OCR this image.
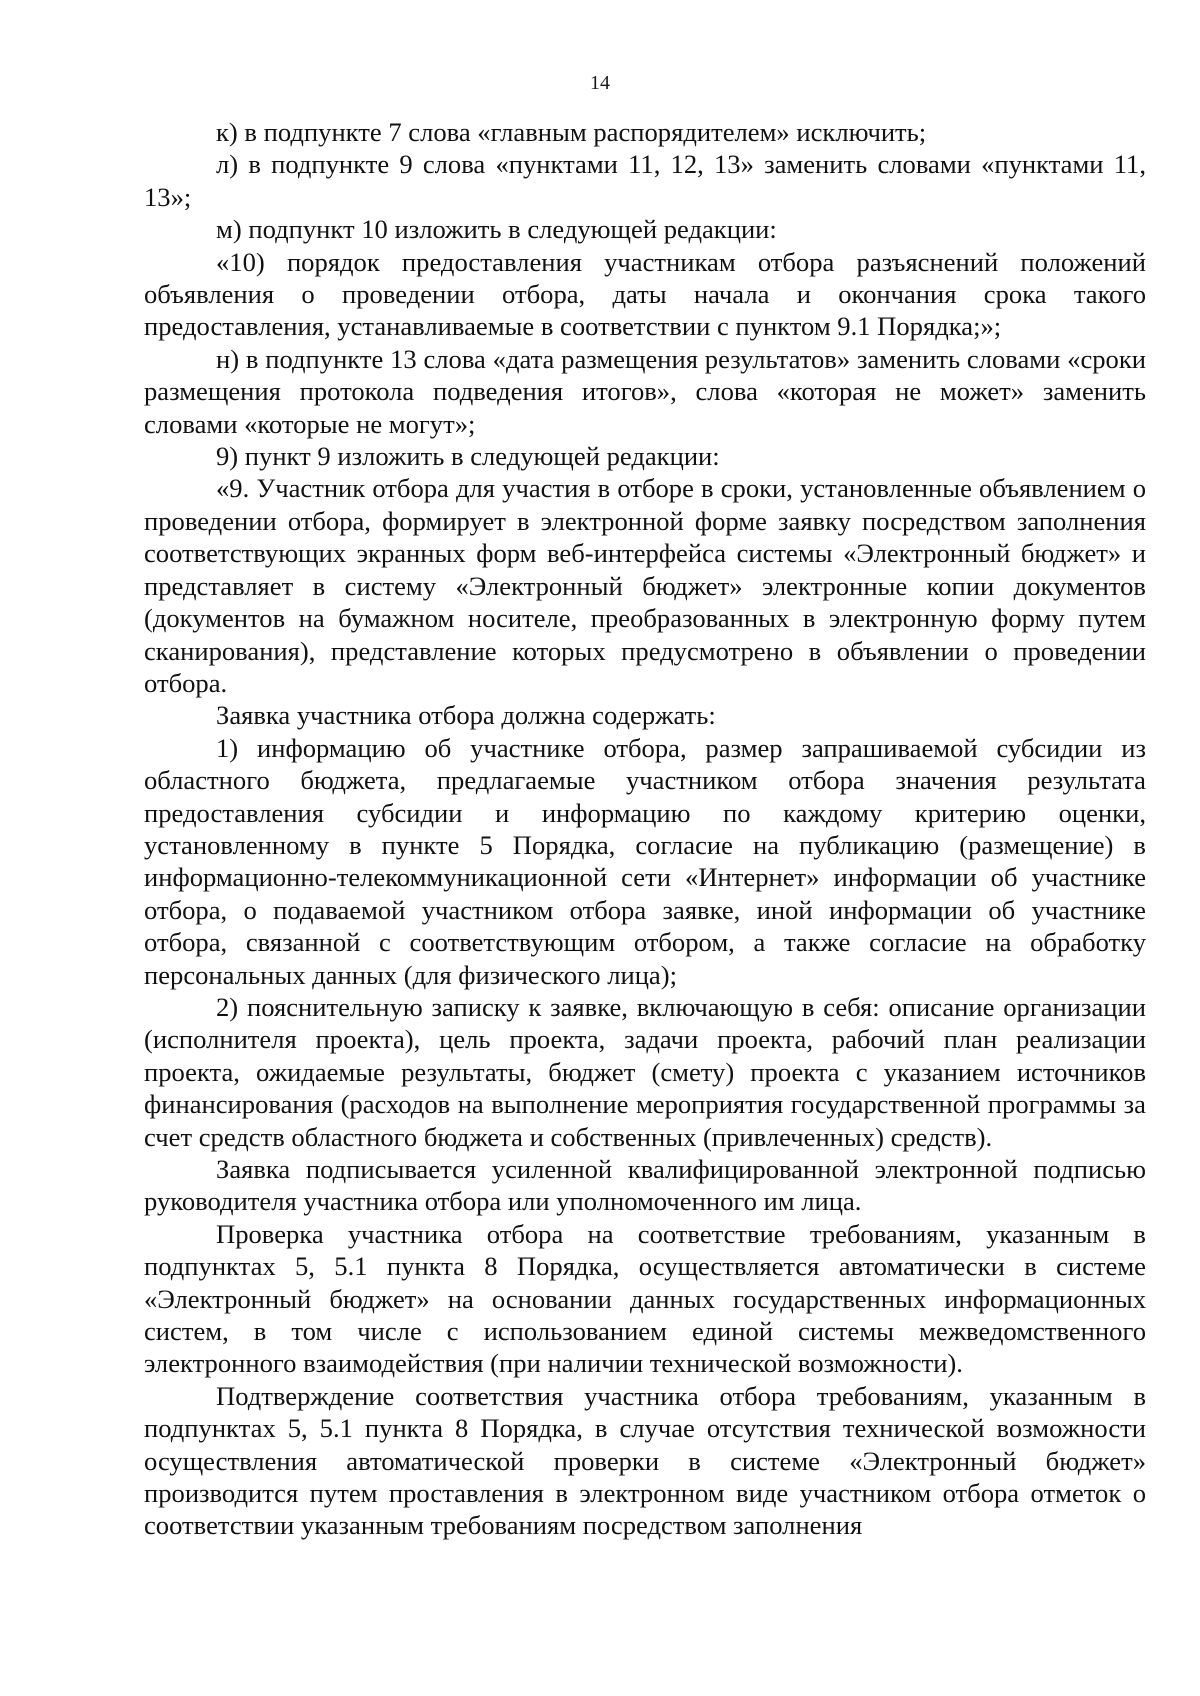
14

к) в подпункте 7 слова «главным распорядителем» исключить;

л) в подпункте 9 слова «пунктами 11, 12, 13» заменить словами «пунктами 11, 13»;

м) подпункт 10 изложить в следующей редакции:

«10) порядок предоставления участникам отбора разъяснений положений объявления о проведении отбора, даты начала и окончания срока такого предоставления, устанавливаемые в соответствии с пунктом 9.1 Порядка;»;

н) в подпункте 13 слова «дата размещения результатов» заменить словами «сроки размещения протокола подведения итогов», слова «которая не может» заменить словами «которые не могут»;

9) пункт 9 изложить в следующей редакции:

«9. Участник отбора для участия в отборе в сроки, установленные объявлением о проведении отбора, формирует в электронной форме заявку посредством заполнения соответствующих экранных форм веб-интерфейса системы «Электронный бюджет» и представляет в систему «Электронный бюджет» электронные копии документов (документов на бумажном носителе, преобразованных в электронную форму путем сканирования), представление которых предусмотрено в объявлении о проведении отбора.

Заявка участника отбора должна содержать:

1) информацию об участнике отбора, размер запрашиваемой субсидии из областного бюджета, предлагаемые участником отбора значения результата предоставления субсидии и информацию по каждому критерию оценки, установленному в пункте 5 Порядка, согласие на публикацию (размещение) в информационно-телекоммуникационной сети «Интернет» информации об участнике отбора, о подаваемой участником отбора заявке, иной информации об участнике отбора, связанной с соответствующим отбором, а также согласие на обработку персональных данных (для физического лица);

2) пояснительную записку к заявке, включающую в себя: описание организации (исполнителя проекта), цель проекта, задачи проекта, рабочий план реализации проекта, ожидаемые результаты, бюджет (смету) проекта с указанием источников финансирования (расходов на выполнение мероприятия государственной программы за счет средств областного бюджета и собственных (привлеченных) средств).

Заявка подписывается усиленной квалифицированной электронной подписью руководителя участника отбора или уполномоченного им лица.

Проверка участника отбора на соответствие требованиям, указанным в подпунктах 5, 5.1 пункта 8 Порядка, осуществляется автоматически в системе «Электронный бюджет» на основании данных государственных информационных систем, в том числе с использованием единой системы межведомственного электронного взаимодействия (при наличии технической возможности).

Подтверждение соответствия участника отбора требованиям, указанным в подпунктах 5, 5.1 пункта 8 Порядка, в случае отсутствия технической возможности осуществления автоматической проверки в системе «Электронный бюджет» производится путем проставления в электронном виде участником отбора отметок о соответствии указанным требованиям посредством заполнения
